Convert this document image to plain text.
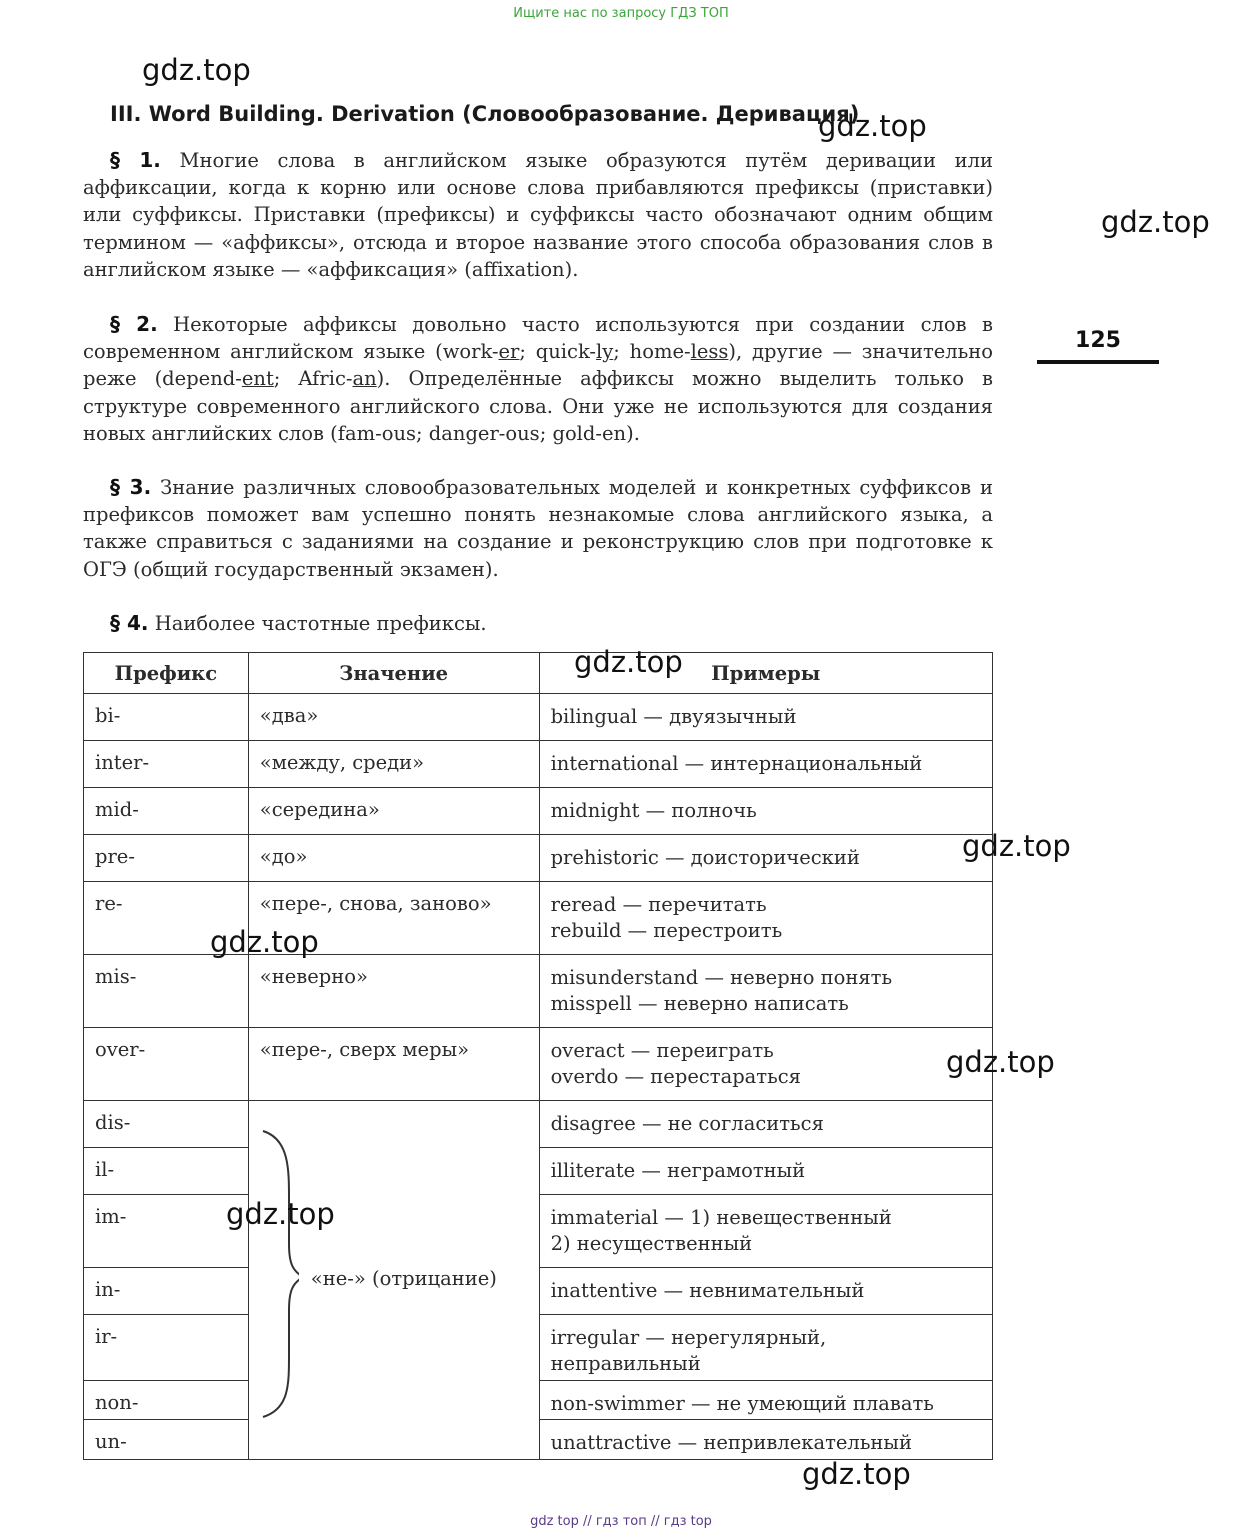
Ищите нас по запросу ГДЗ ТОП
gdz.top
gdz.top
gdz.top
gdz.top
gdz.top
gdz.top
gdz.top
gdz.top
gdz.top
III. Word Building. Derivation (Словообразование. Деривация)
125
§ 1. Многие слова в английском языке образуются путём деривации или аффиксации, когда к корню или основе слова прибавляются префиксы (приставки) или суффиксы. Приставки (префиксы) и суффиксы часто обозначают одним общим термином — «аффиксы», отсюда и второе название этого способа образования слов в английском языке — «аффиксация» (affixation).
§ 2. Некоторые аффиксы довольно часто используются при создании слов в современном английском языке (work-er; quick-ly; home-less), другие — значительно реже (depend-ent; Afric-an). Определённые аффиксы можно выделить только в структуре современного английского слова. Они уже не используются для создания новых английских слов (fam-ous; danger-ous; gold-en).
§ 3. Знание различных словообразовательных моделей и конкретных суффиксов и префиксов поможет вам успешно понять незнакомые слова английского языка, а также справиться с заданиями на создание и реконструкцию слов при подготовке к ОГЭ (общий государственный экзамен).
§ 4. Наиболее частотные префиксы.
Префикс	Значение	Примеры
bi-	«два»	bilingual — двуязычный

inter-	«между, среди»	international — интернациональный

mid-	«середина»	midnight — полночь

pre-	«до»	prehistoric — доисторический

re-	«пере-, снова, заново»	reread — перечитать
rebuild — перестроить

mis-	«неверно»	misunderstand — неверно понять
misspell — неверно написать

over-	«пере-, сверх меры»	overact — переиграть
overdo — перестараться

dis-	«не-» (отрицание)	disagree — не согласиться

il-		illiterate — неграмотный

im-		immaterial — 1) невещественный
2) несущественный

in-		inattentive — невнимательный

ir-		irregular — нерегулярный,
неправильный

non-		non-swimmer — не умеющий плавать

un-		unattractive — непривлекательный
gdz top // гдз топ // гдз top
